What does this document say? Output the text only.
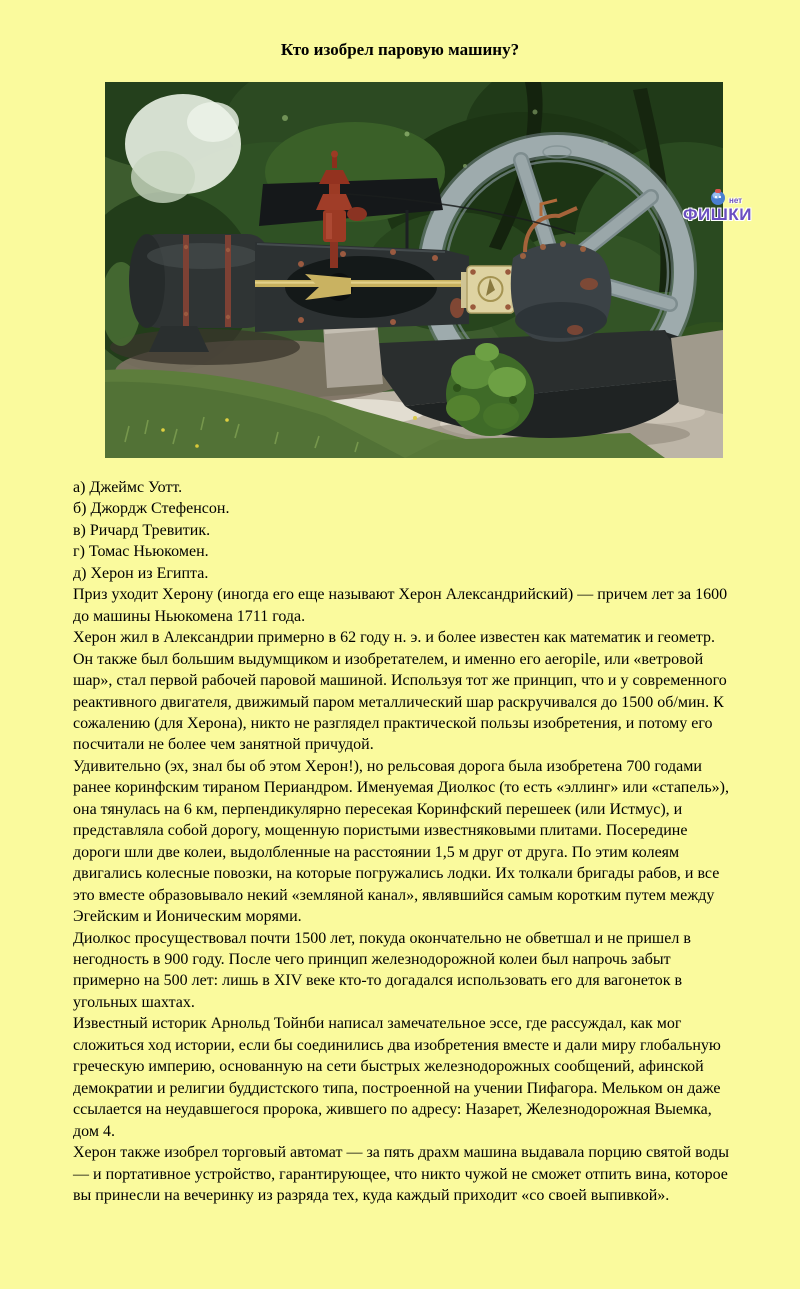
Кто изобрел паровую машину?
нет
ФИШКИ
а) Джеймс Уотт.
б) Джордж Стефенсон.
в) Ричард Тревитик.
г) Томас Ньюкомен.
д) Херон из Египта.

Приз уходит Херону (иногда его еще называют Херон Александрийский) — причем лет за 1600 до машины Ньюкомена 1711 года.

Херон жил в Александрии примерно в 62 году н. э. и более известен как математик и геометр. Он также был большим выдумщиком и изобретателем, и именно его aeropile, или «ветровой шар», стал первой рабочей паровой машиной. Используя тот же принцип, что и у современного реактивного двигателя, движимый паром металлический шар раскручивался до 1500 об/мин. К сожалению (для Херона), никто не разглядел практической пользы изобретения, и потому его посчитали не более чем занятной причудой.

Удивительно (эх, знал бы об этом Херон!), но рельсовая дорога была изобретена 700 годами ранее коринфским тираном Периандром. Именуемая Диолкос (то есть «эллинг» или «стапель»), она тянулась на 6 км, перпендикулярно пересекая Коринфский перешеек (или Истмус), и представляла собой дорогу, мощенную пористыми известняковыми плитами. Посередине дороги шли две колеи, выдолбленные на расстоянии 1,5 м друг от друга. По этим колеям двигались колесные повозки, на которые погружались лодки. Их толкали бригады рабов, и все это вместе образовывало некий «земляной канал», являвшийся самым коротким путем между Эгейским и Ионическим морями.

Диолкос просуществовал почти 1500 лет, покуда окончательно не обветшал и не пришел в негодность в 900 году. После чего принцип железнодорожной колеи был напрочь забыт примерно на 500 лет: лишь в XIV веке кто-то догадался использовать его для вагонеток в угольных шахтах.

Известный историк Арнольд Тойнби написал замечательное эссе, где рассуждал, как мог сложиться ход истории, если бы соединились два изобретения вместе и дали миру глобальную греческую империю, основанную на сети быстрых железнодорожных сообщений, афинской демократии и религии буддистского типа, построенной на учении Пифагора. Мельком он даже ссылается на неудавшегося пророка, жившего по адресу: Назарет, Железнодорожная Выемка, дом 4.

Херон также изобрел торговый автомат — за пять драхм машина выдавала порцию святой воды — и портативное устройство, гарантирующее, что никто чужой не сможет отпить вина, которое вы принесли на вечеринку из разряда тех, куда каждый приходит «со своей выпивкой».
